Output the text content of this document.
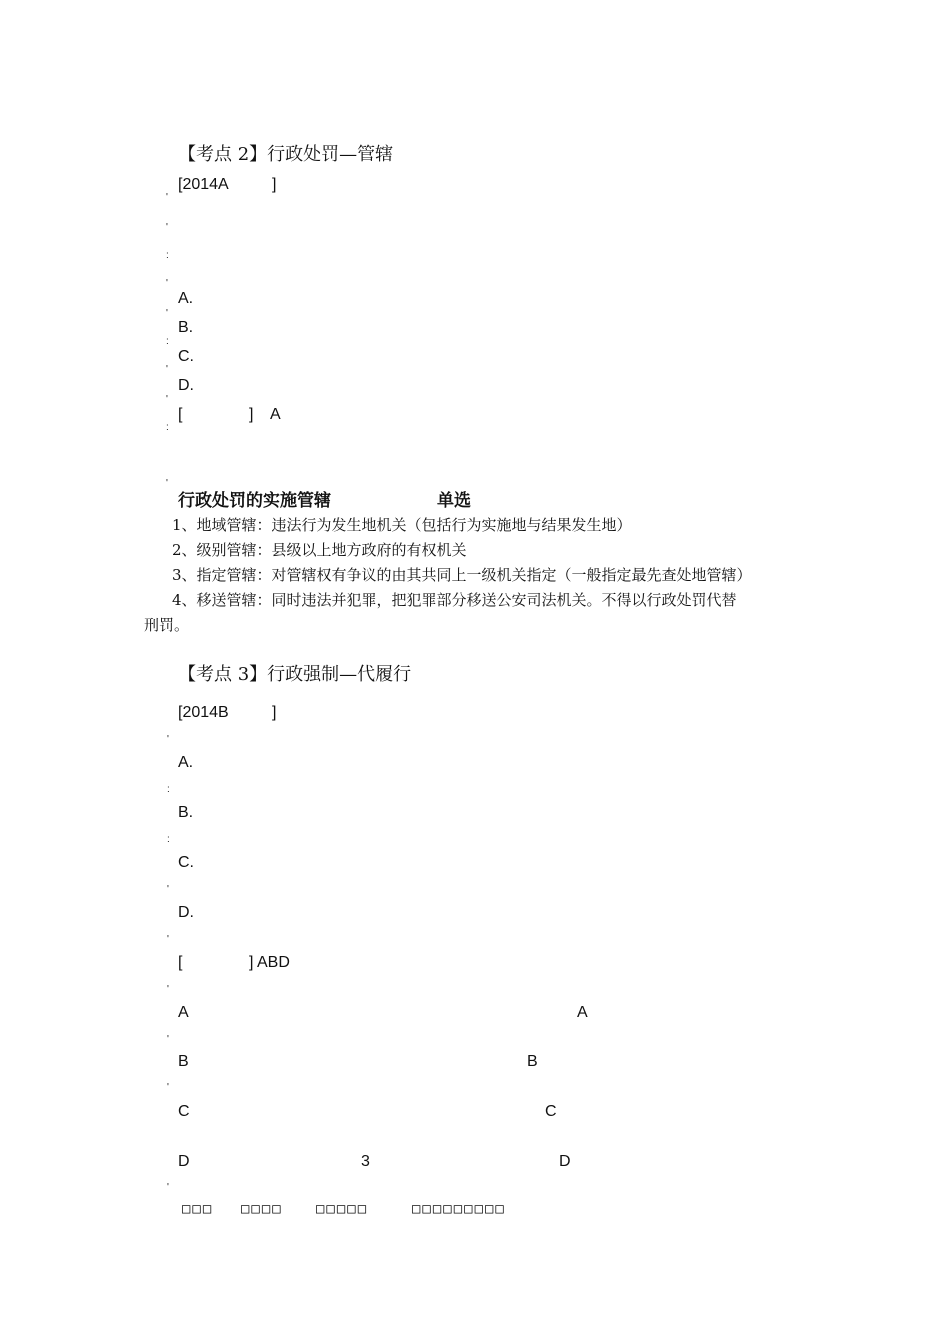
【考点 2】行政处罚—管辖
[2014A	]
'
'
:
'
'
:
'
'
:
'
A.
B.
C.
D.
[	] A
行政处罚的实施管辖	单选
1、地域管辖：违法行为发生地机关（包括行为实施地与结果发生地）
2、级别管辖：县级以上地方政府的有权机关
3、指定管辖：对管辖权有争议的由其共同上一级机关指定（一般指定最先查处地管辖）
4、移送管辖：同时违法并犯罪，把犯罪部分移送公安司法机关。不得以行政处罚代替
刑罚。
【考点 3】行政强制—代履行
[2014B	]
'
:
:
'
'
'
'
'
'
A.
B.
C.
D.
[	] ABD
A	A
B	B
C	C
D	3	D
□□□ □□□□ □□□□□	□□□□□□□□□
